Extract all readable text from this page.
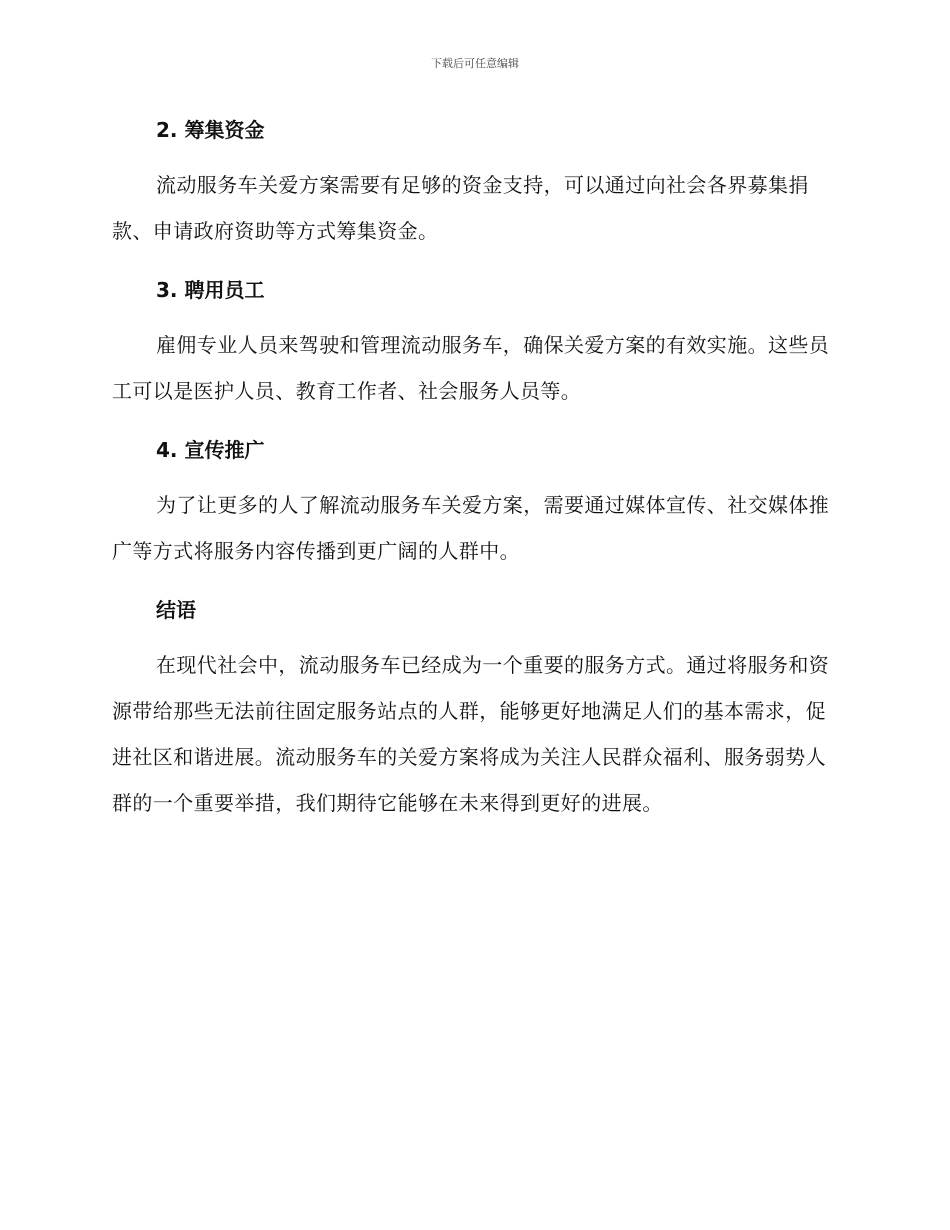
下载后可任意编辑
2. 筹集资金

流动服务车关爱方案需要有足够的资金支持，可以通过向社会各界募集捐款、申请政府资助等方式筹集资金。

3. 聘用员工

雇佣专业人员来驾驶和管理流动服务车，确保关爱方案的有效实施。这些员工可以是医护人员、教育工作者、社会服务人员等。

4. 宣传推广

为了让更多的人了解流动服务车关爱方案，需要通过媒体宣传、社交媒体推广等方式将服务内容传播到更广阔的人群中。

结语

在现代社会中，流动服务车已经成为一个重要的服务方式。通过将服务和资源带给那些无法前往固定服务站点的人群，能够更好地满足人们的基本需求，促进社区和谐进展。流动服务车的关爱方案将成为关注人民群众福利、服务弱势人群的一个重要举措，我们期待它能够在未来得到更好的进展。
